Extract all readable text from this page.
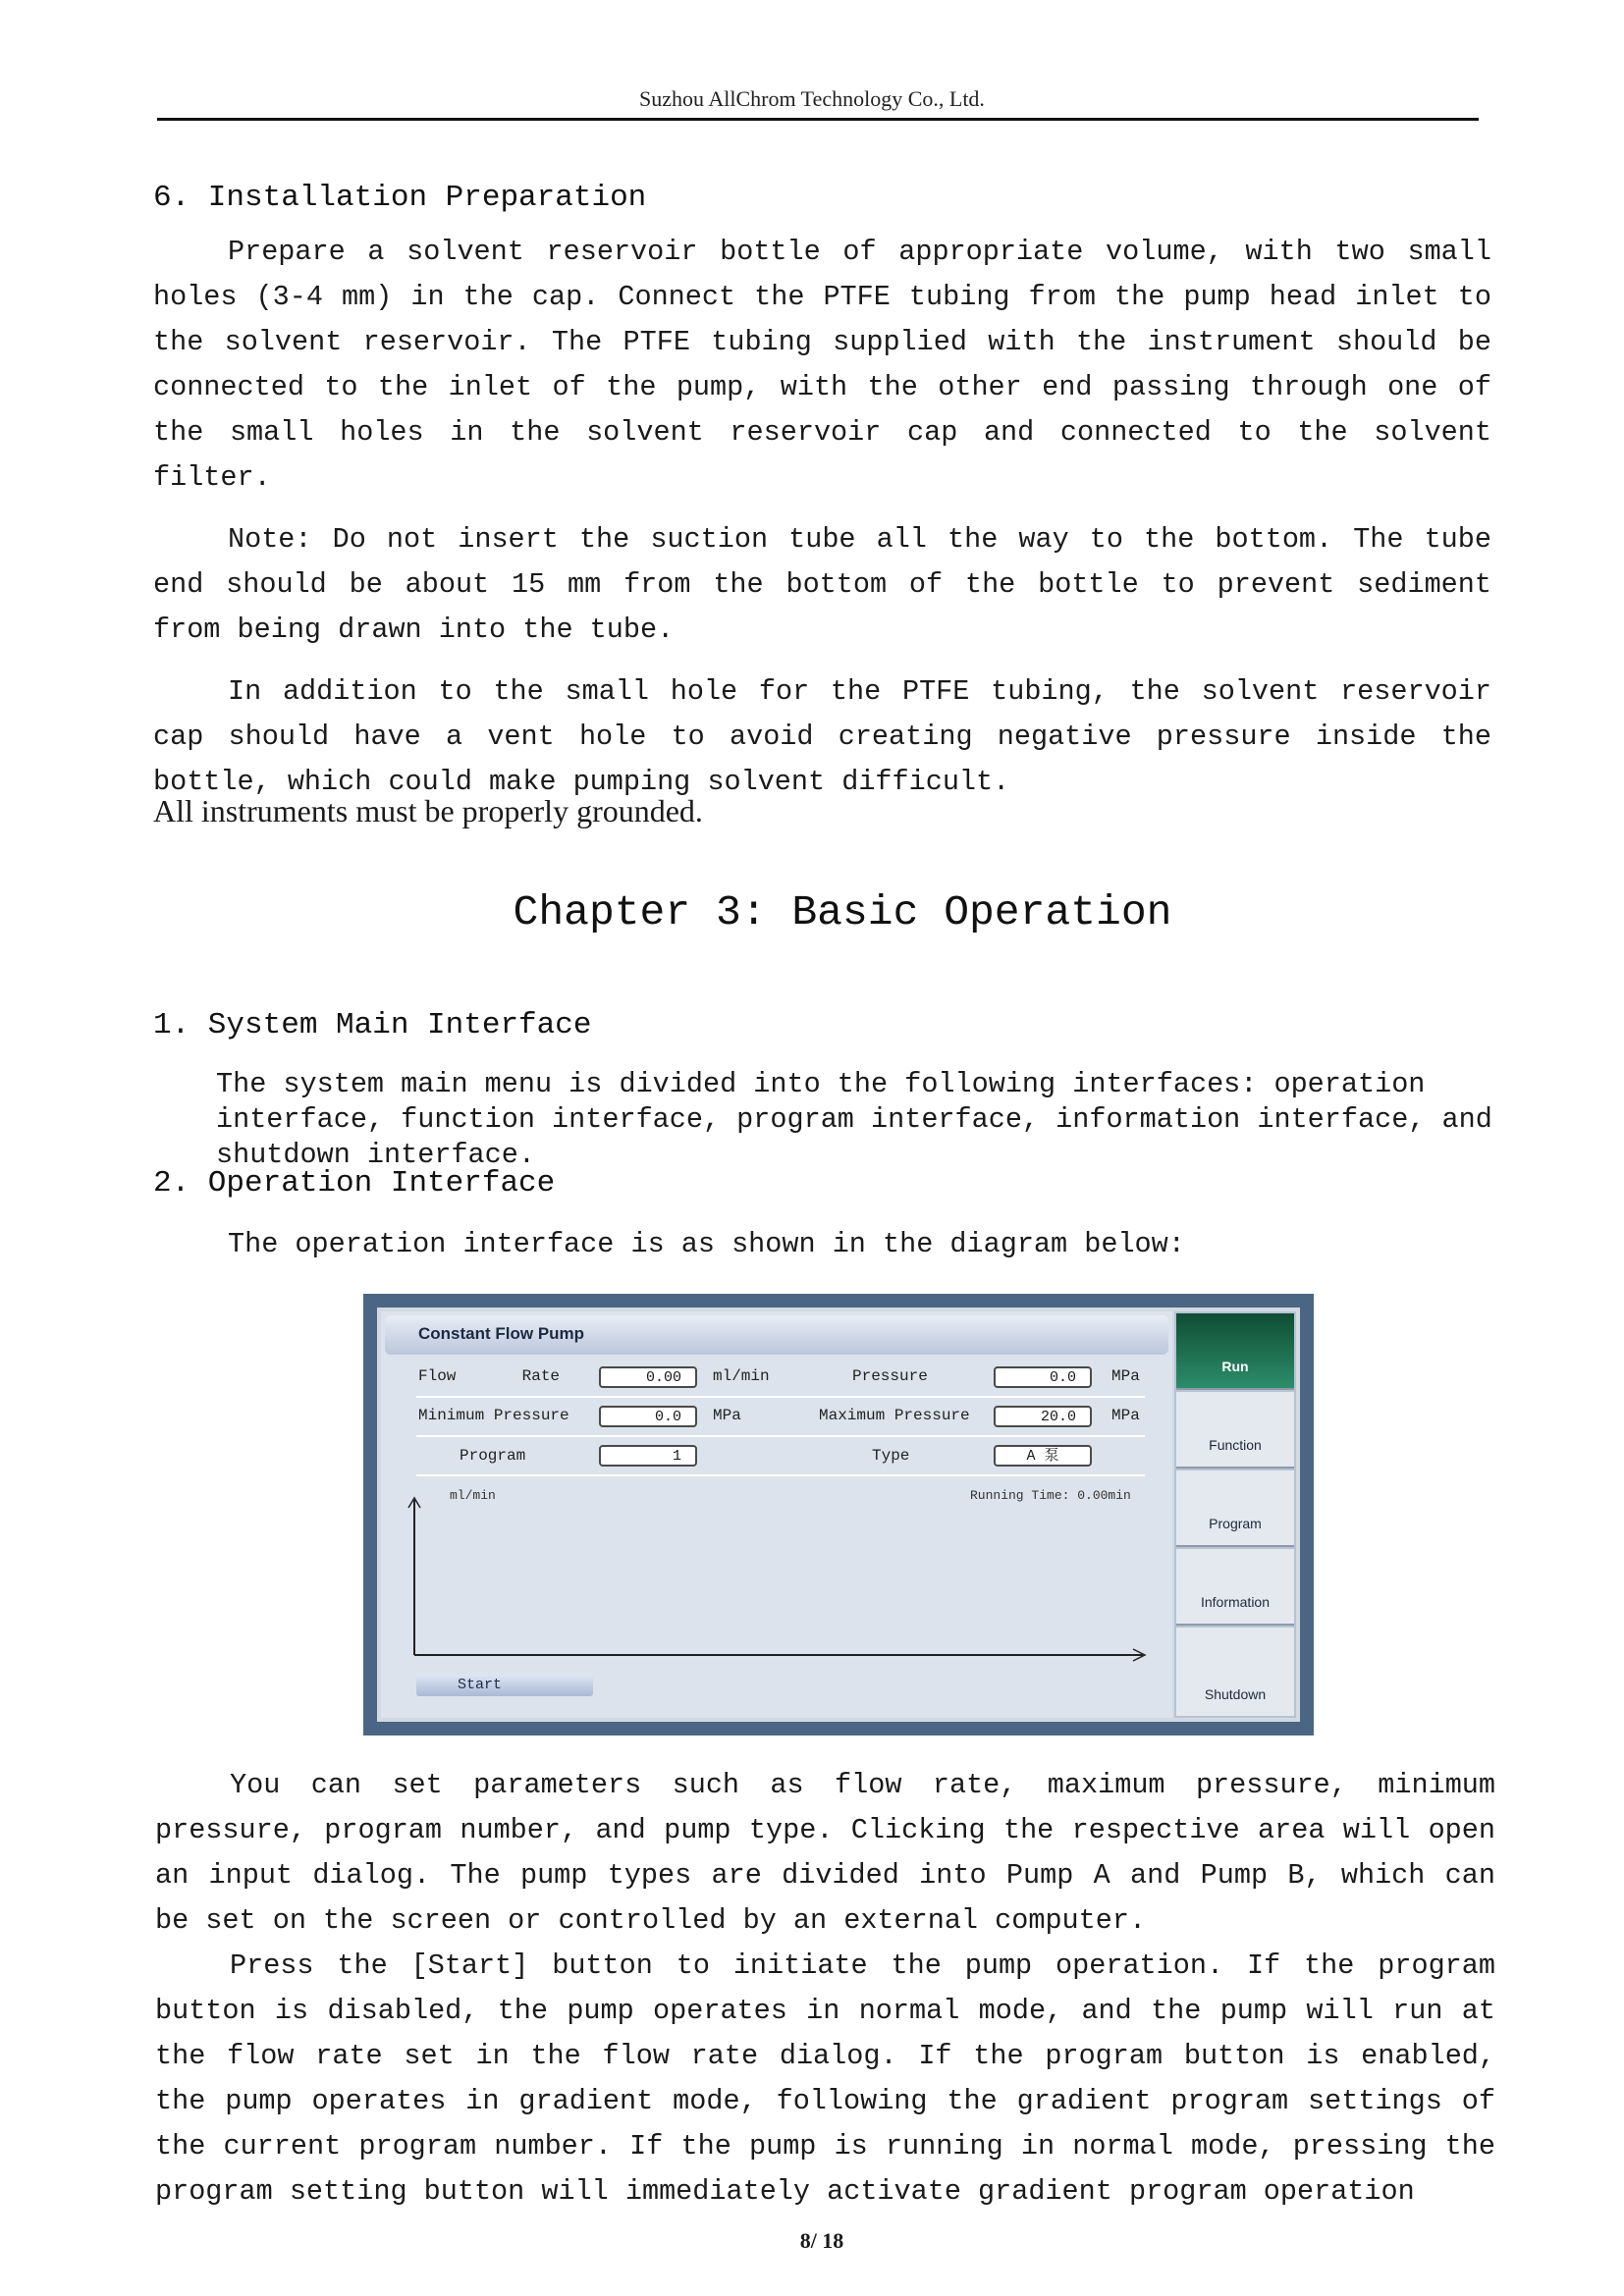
Suzhou AllChrom Technology Co., Ltd.
6. Installation Preparation

Prepare a solvent reservoir bottle of appropriate volume, with two small holes (3-4 mm) in the cap. Connect the PTFE tubing from the pump head inlet to the solvent reservoir. The PTFE tubing supplied with the instrument should be connected to the inlet of the pump, with the other end passing through one of the small holes in the solvent reservoir cap and connected to the solvent filter.

Note: Do not insert the suction tube all the way to the bottom. The tube end should be about 15 mm from the bottom of the bottle to prevent sediment from being drawn into the tube.

In addition to the small hole for the PTFE tubing, the solvent reservoir cap should have a vent hole to avoid creating negative pressure inside the bottle, which could make pumping solvent difficult.

All instruments must be properly grounded.
Chapter 3: Basic Operation
1. System Main Interface
The system main menu is divided into the following interfaces: operation interface, function interface, program interface, information interface, and shutdown interface.
2. Operation Interface
The operation interface is as shown in the diagram below:
Constant Flow Pump
Flow       Rate	0.00	ml/min	Pressure	0.0	MPa
Minimum Pressure	0.0	MPa	Maximum Pressure	20.0	MPa
Program	1	Type	A 泵
ml/min	Running Time: 0.00min
Start
Run
Function
Program
Information
Shutdown

You can set parameters such as flow rate, maximum pressure, minimum pressure, program number, and pump type. Clicking the respective area will open an input dialog. The pump types are divided into Pump A and Pump B, which can be set on the screen or controlled by an external computer.

Press the [Start] button to initiate the pump operation. If the program button is disabled, the pump operates in normal mode, and the pump will run at the flow rate set in the flow rate dialog. If the program button is enabled, the pump operates in gradient mode, following the gradient program settings of the current program number. If the pump is running in normal mode, pressing the program setting button will immediately activate gradient program operation

8/ 18
